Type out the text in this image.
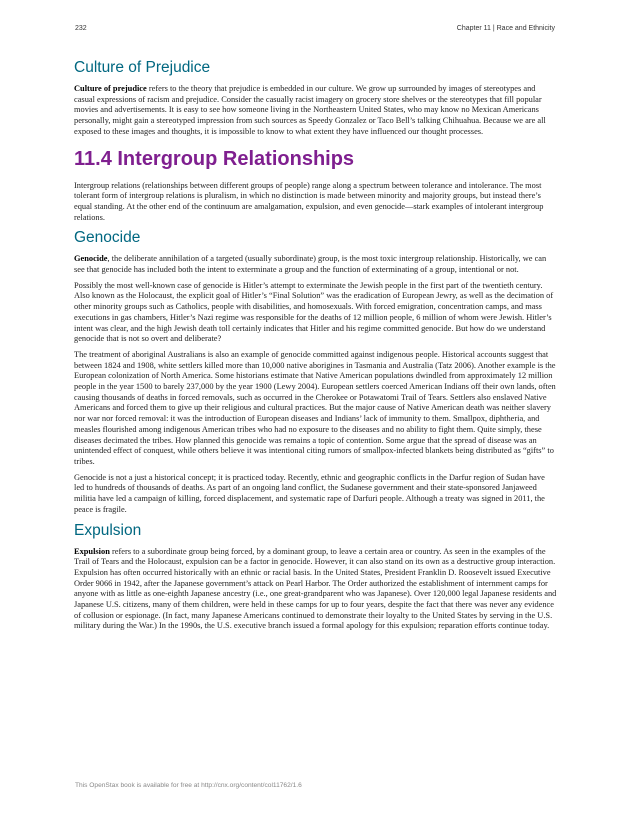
232	Chapter 11 | Race and Ethnicity
Culture of Prejudice

Culture of prejudice refers to the theory that prejudice is embedded in our culture. We grow up surrounded by images of stereotypes and casual expressions of racism and prejudice. Consider the casually racist imagery on grocery store shelves or the stereotypes that fill popular movies and advertisements. It is easy to see how someone living in the Northeastern United States, who may know no Mexican Americans personally, might gain a stereotyped impression from such sources as Speedy Gonzalez or Taco Bell’s talking Chihuahua. Because we are all exposed to these images and thoughts, it is impossible to know to what extent they have influenced our thought processes.

11.4 Intergroup Relationships

Intergroup relations (relationships between different groups of people) range along a spectrum between tolerance and intolerance. The most tolerant form of intergroup relations is pluralism, in which no distinction is made between minority and majority groups, but instead there’s equal standing. At the other end of the continuum are amalgamation, expulsion, and even genocide—stark examples of intolerant intergroup relations.

Genocide

Genocide, the deliberate annihilation of a targeted (usually subordinate) group, is the most toxic intergroup relationship. Historically, we can see that genocide has included both the intent to exterminate a group and the function of exterminating of a group, intentional or not.

Possibly the most well-known case of genocide is Hitler’s attempt to exterminate the Jewish people in the first part of the twentieth century. Also known as the Holocaust, the explicit goal of Hitler’s “Final Solution” was the eradication of European Jewry, as well as the decimation of other minority groups such as Catholics, people with disabilities, and homosexuals. With forced emigration, concentration camps, and mass executions in gas chambers, Hitler’s Nazi regime was responsible for the deaths of 12 million people, 6 million of whom were Jewish. Hitler’s intent was clear, and the high Jewish death toll certainly indicates that Hitler and his regime committed genocide. But how do we understand genocide that is not so overt and deliberate?

The treatment of aboriginal Australians is also an example of genocide committed against indigenous people. Historical accounts suggest that between 1824 and 1908, white settlers killed more than 10,000 native aborigines in Tasmania and Australia (Tatz 2006). Another example is the European colonization of North America. Some historians estimate that Native American populations dwindled from approximately 12 million people in the year 1500 to barely 237,000 by the year 1900 (Lewy 2004). European settlers coerced American Indians off their own lands, often causing thousands of deaths in forced removals, such as occurred in the Cherokee or Potawatomi Trail of Tears. Settlers also enslaved Native Americans and forced them to give up their religious and cultural practices. But the major cause of Native American death was neither slavery nor war nor forced removal: it was the introduction of European diseases and Indians’ lack of immunity to them. Smallpox, diphtheria, and measles flourished among indigenous American tribes who had no exposure to the diseases and no ability to fight them. Quite simply, these diseases decimated the tribes. How planned this genocide was remains a topic of contention. Some argue that the spread of disease was an unintended effect of conquest, while others believe it was intentional citing rumors of smallpox-infected blankets being distributed as “gifts” to tribes.

Genocide is not a just a historical concept; it is practiced today. Recently, ethnic and geographic conflicts in the Darfur region of Sudan have led to hundreds of thousands of deaths. As part of an ongoing land conflict, the Sudanese government and their state-sponsored Janjaweed militia have led a campaign of killing, forced displacement, and systematic rape of Darfuri people. Although a treaty was signed in 2011, the peace is fragile.

Expulsion

Expulsion refers to a subordinate group being forced, by a dominant group, to leave a certain area or country. As seen in the examples of the Trail of Tears and the Holocaust, expulsion can be a factor in genocide. However, it can also stand on its own as a destructive group interaction. Expulsion has often occurred historically with an ethnic or racial basis. In the United States, President Franklin D. Roosevelt issued Executive Order 9066 in 1942, after the Japanese government’s attack on Pearl Harbor. The Order authorized the establishment of internment camps for anyone with as little as one-eighth Japanese ancestry (i.e., one great-grandparent who was Japanese). Over 120,000 legal Japanese residents and Japanese U.S. citizens, many of them children, were held in these camps for up to four years, despite the fact that there was never any evidence of collusion or espionage. (In fact, many Japanese Americans continued to demonstrate their loyalty to the United States by serving in the U.S. military during the War.) In the 1990s, the U.S. executive branch issued a formal apology for this expulsion; reparation efforts continue today.

This OpenStax book is available for free at http://cnx.org/content/col11762/1.6
